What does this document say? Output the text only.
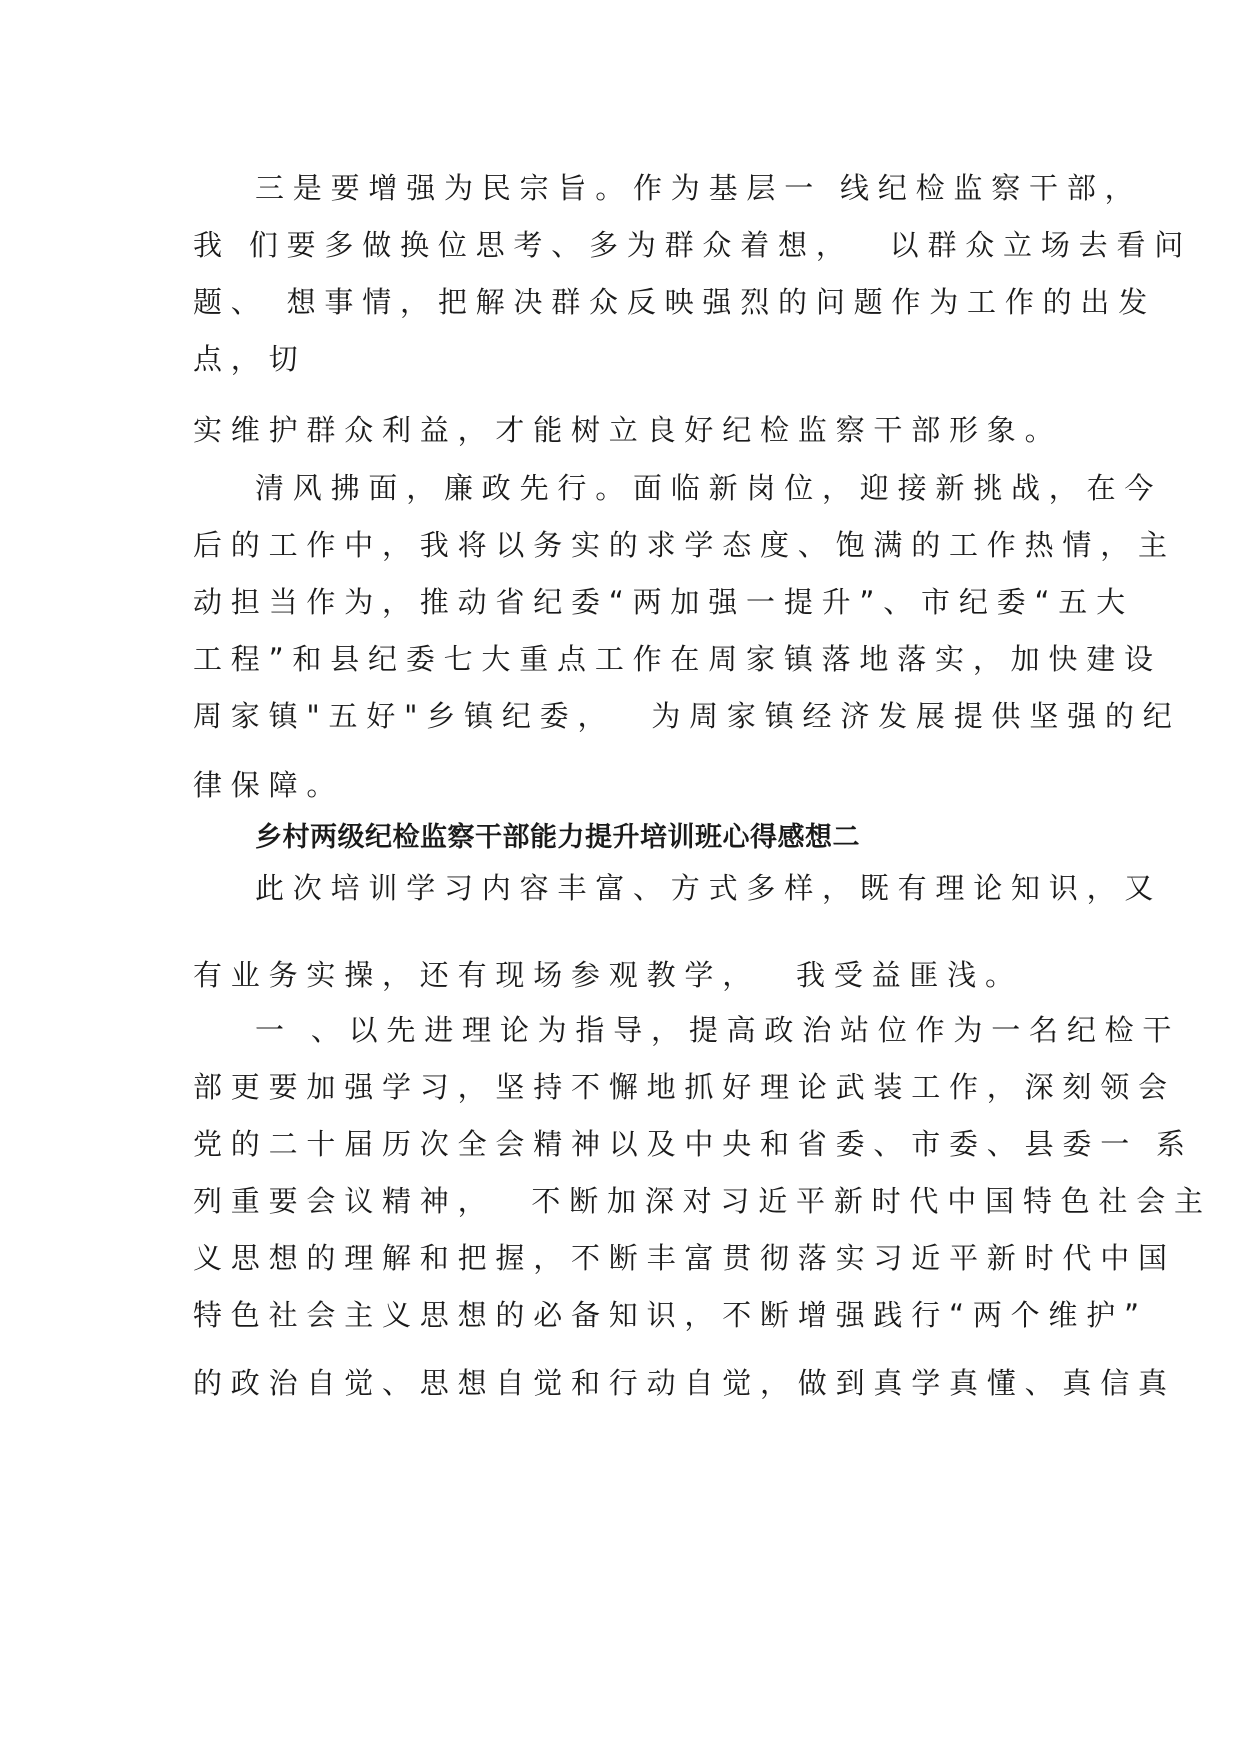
三是要增强为民宗旨。作为基层一 线纪检监察干部，
我 们要多做换位思考、多为群众着想，  以群众立场去看问
题、 想事情，把解决群众反映强烈的问题作为工作的出发
点，切
实维护群众利益，才能树立良好纪检监察干部形象。
清风拂面，廉政先行。面临新岗位，迎接新挑战，在今
后的工作中，我将以务实的求学态度、饱满的工作热情，主
动担当作为，推动省纪委“两加强一提升”、市纪委“五大
工程”和县纪委七大重点工作在周家镇落地落实，加快建设
周家镇"五好"乡镇纪委，  为周家镇经济发展提供坚强的纪
律保障。
乡村两级纪检监察干部能力提升培训班心得感想二
此次培训学习内容丰富、方式多样，既有理论知识，又
有业务实操，还有现场参观教学，  我受益匪浅。
一 、以先进理论为指导，提高政治站位作为一名纪检干
部更要加强学习，坚持不懈地抓好理论武装工作，深刻领会
党的二十届历次全会精神以及中央和省委、市委、县委一 系
列重要会议精神，  不断加深对习近平新时代中国特色社会主
义思想的理解和把握，不断丰富贯彻落实习近平新时代中国
特色社会主义思想的必备知识，不断增强践行“两个维护”
的政治自觉、思想自觉和行动自觉，做到真学真懂、真信真
